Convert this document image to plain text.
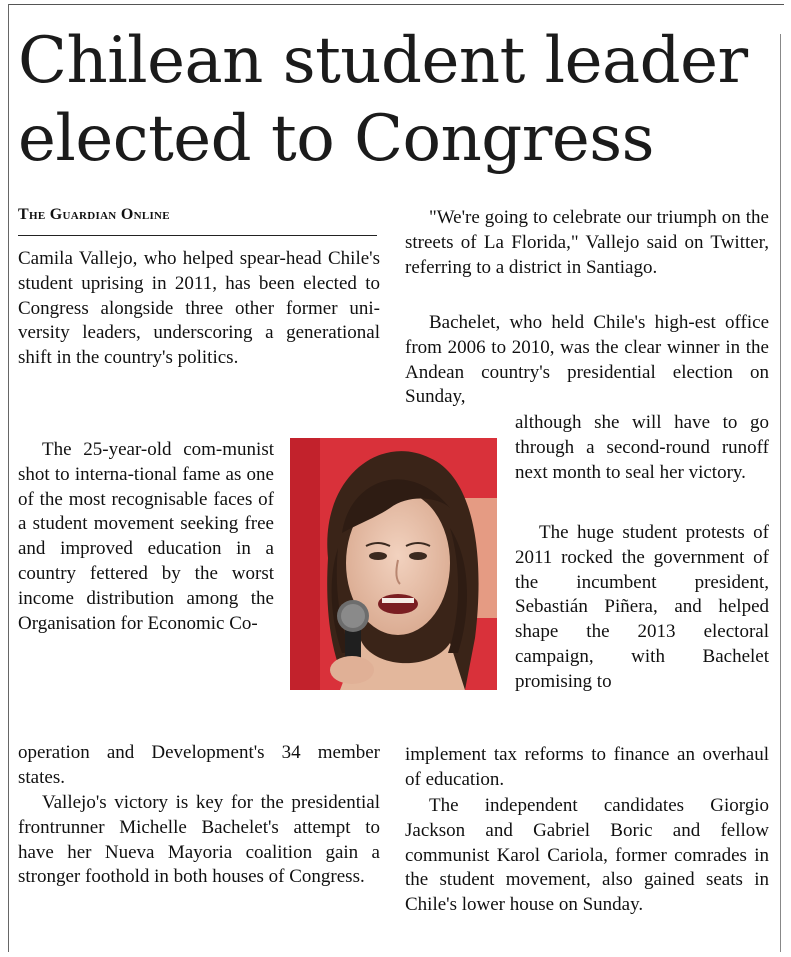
Chilean student leader elected to Congress
The Guardian Online

Camila Vallejo, who helped spear-head Chile's student uprising in 2011, has been elected to Congress alongside three other former uni-versity leaders, underscoring a generational shift in the country's politics.

The 25-year-old com-munist shot to interna-tional fame as one of the most recognisable faces of a student movement seeking free and improved education in a country fettered by the worst income distribution among the Organisation for Economic Co-

operation and Development's 34 member states.

Vallejo's victory is key for the presidential frontrunner Michelle Bachelet's attempt to have her Nueva Mayoria coalition gain a stronger foothold in both houses of Congress.

"We're going to celebrate our triumph on the streets of La Florida," Vallejo said on Twitter, referring to a district in Santiago.

Bachelet, who held Chile's high-est office from 2006 to 2010, was the clear winner in the Andean country's presidential election on Sunday,

although she will have to go through a second-round runoff next month to seal her victory.

The huge student protests of 2011 rocked the government of the incumbent president, Sebastián Piñera, and helped shape the 2013 electoral campaign, with Bachelet promising to

implement tax reforms to finance an overhaul of education.

The independent candidates Giorgio Jackson and Gabriel Boric and fellow communist Karol Cariola, former comrades in the student movement, also gained seats in Chile's lower house on Sunday.
